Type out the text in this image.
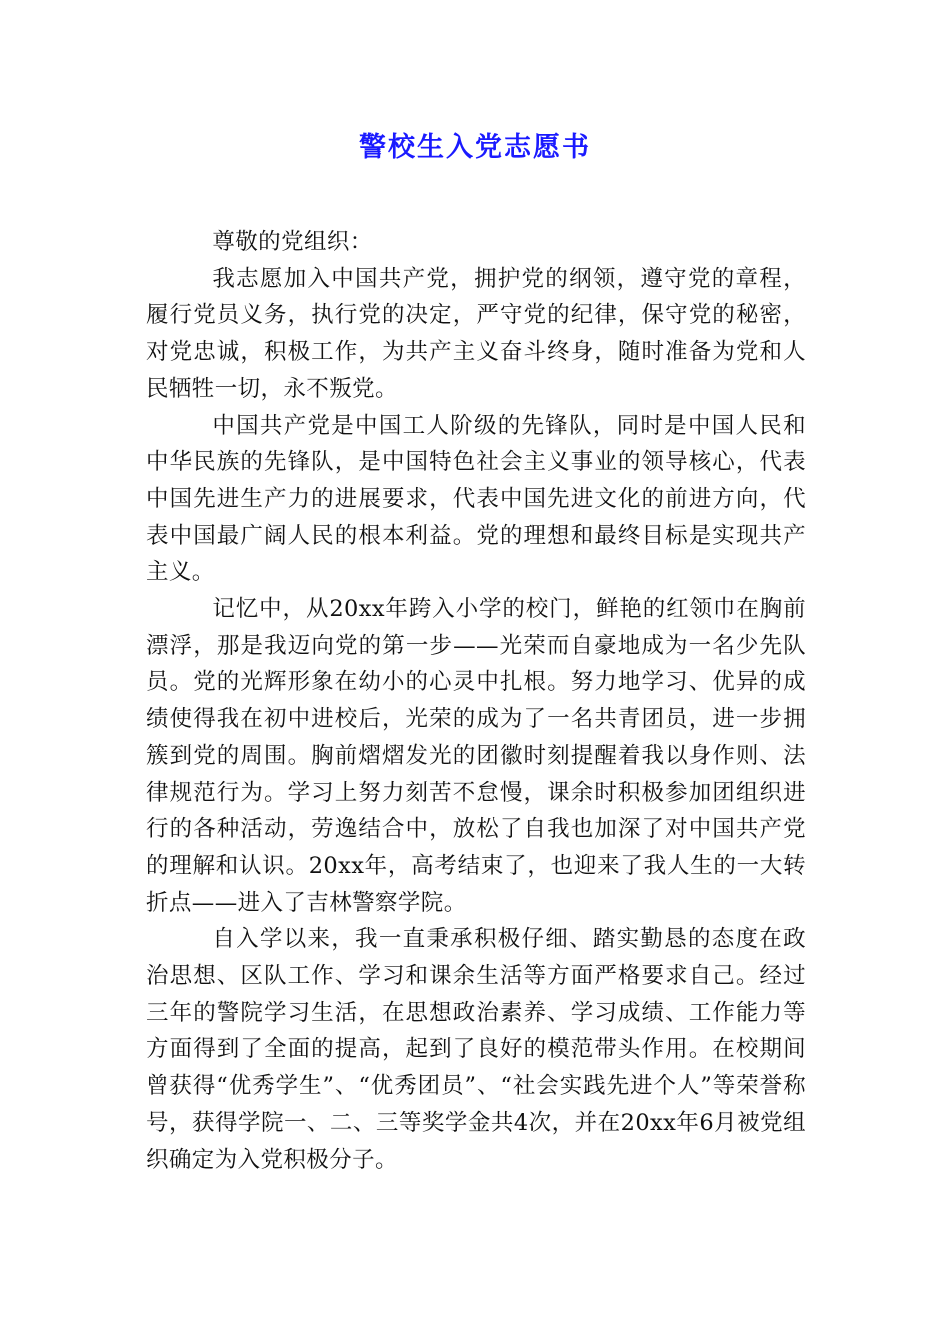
警校生入党志愿书

尊敬的党组织：

我志愿加入中国共产党，拥护党的纲领，遵守党的章程，履行党员义务，执行党的决定，严守党的纪律，保守党的秘密，对党忠诚，积极工作，为共产主义奋斗终身，随时准备为党和人民牺牲一切，永不叛党。

中国共产党是中国工人阶级的先锋队，同时是中国人民和中华民族的先锋队，是中国特色社会主义事业的领导核心，代表中国先进生产力的进展要求，代表中国先进文化的前进方向，代表中国最广阔人民的根本利益。党的理想和最终目标是实现共产主义。

记忆中，从20xx年跨入小学的校门，鲜艳的红领巾在胸前漂浮，那是我迈向党的第一步——光荣而自豪地成为一名少先队员。党的光辉形象在幼小的心灵中扎根。努力地学习、优异的成绩使得我在初中进校后，光荣的成为了一名共青团员，进一步拥簇到党的周围。胸前熠熠发光的团徽时刻提醒着我以身作则、法律规范行为。学习上努力刻苦不怠慢，课余时积极参加团组织进行的各种活动，劳逸结合中，放松了自我也加深了对中国共产党的理解和认识。20xx年，高考结束了，也迎来了我人生的一大转折点——进入了吉林警察学院。

自入学以来，我一直秉承积极仔细、踏实勤恳的态度在政治思想、区队工作、学习和课余生活等方面严格要求自己。经过三年的警院学习生活，在思想政治素养、学习成绩、工作能力等方面得到了全面的提高，起到了良好的模范带头作用。在校期间曾获得“优秀学生”、“优秀团员”、“社会实践先进个人”等荣誉称号，获得学院一、二、三等奖学金共4次，并在20xx年6月被党组织确定为入党积极分子。
